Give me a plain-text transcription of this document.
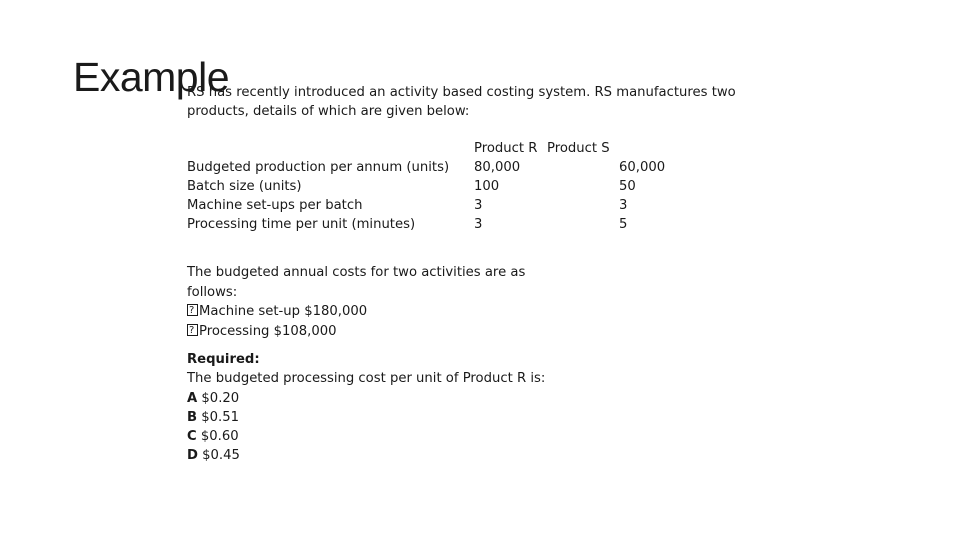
Example
RS has recently introduced an activity based costing system. RS manufactures two
products, details of which are given below:
Budgeted production per annum (units)
Batch size (units)
Machine set-ups per batch
Processing time per unit (minutes)
Product R
80,000
100
3
3
Product S
60,000
50
3
5
The budgeted annual costs for two activities are as
follows:
?Machine set-up $180,000
?Processing $108,000
Required:
The budgeted processing cost per unit of Product R is:
A $0.20
B $0.51
C $0.60
D $0.45
